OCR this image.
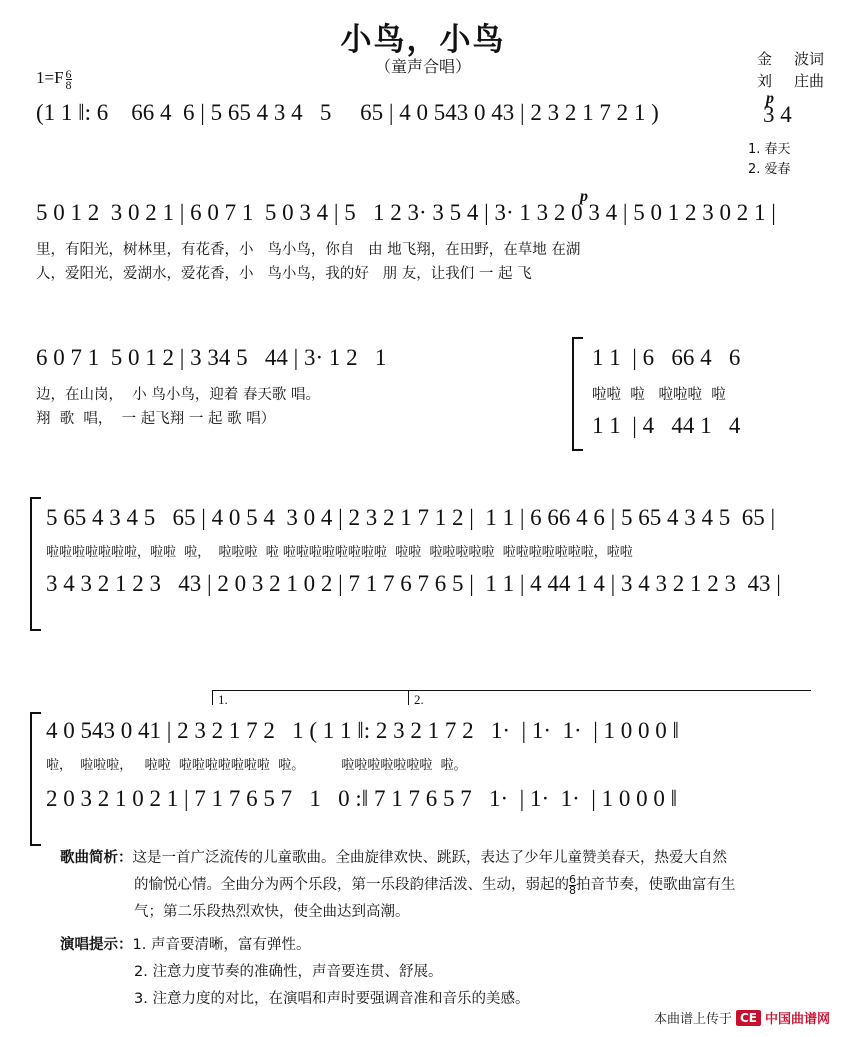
小鸟，小鸟
（童声合唱）	金 波词
刘 庄曲
$1=F \frac{6}{8}$
(1 1 ‖: 6    66 4  6 | 5 65 4 3 4   5     65 | 4 0 543 0 43 | 2 3 2 1 7 2 1 )
p
3 4
1. 春天
2. 爱春
p
5 0 1 2  3 0 2 1 | 6 0 7 1  5 0 3 4 | 5   1 2 3· 3 5 4 | 3· 1 3 2 0 3 4 | 5 0 1 2 3 0 2 1 |
里，有阳光，树林里，有花香，小   鸟小鸟，你自   由 地飞翔，在田野，在草地 在湖
人，爱阳光，爱湖水，爱花香，小   鸟小鸟，我的好   朋 友，让我们 一 起 飞
6 0 7 1  5 0 1 2 | 3 34 5   44 | 3· 1 2   1
边，在山岗，  小 鸟小鸟，迎着 春天歌 唱。
翔  歌  唱，  一 起飞翔 一 起 歌 唱）
1 1  | 6   66 4   6
啦啦  啦   啦啦啦  啦
1 1  | 4   44 1   4
5 65 4 3 4 5   65 | 4 0 5 4  3 0 4 | 2 3 2 1 7 1 2 |  1 1 | 6 66 4 6 | 5 65 4 3 4 5  65 |
啦啦啦啦啦啦啦，啦啦  啦，  啦啦啦  啦 啦啦啦啦啦啦啦啦  啦啦  啦啦啦啦啦  啦啦啦啦啦啦啦，啦啦
3 4 3 2 1 2 3   43 | 2 0 3 2 1 0 2 | 7 1 7 6 7 6 5 |  1 1 | 4 44 1 4 | 3 4 3 2 1 2 3  43 |
1.	2.
4 0 543 0 41 | 2 3 2 1 7 2   1 ( 1 1 ‖: 2 3 2 1 7 2   1·  | 1·  1·  | 1 0 0 0 ‖
啦，  啦啦啦，   啦啦  啦啦啦啦啦啦啦  啦。         啦啦啦啦啦啦啦  啦。
2 0 3 2 1 0 2 1 | 7 1 7 6 5 7   1   0 :‖ 7 1 7 6 5 7   1·  | 1·  1·  | 1 0 0 0 ‖

歌曲简析：这是一首广泛流传的儿童歌曲。全曲旋律欢快、跳跃，表达了少年儿童赞美春天，热爱大自然

的愉悦心情。全曲分为两个乐段，第一乐段韵律活泼、生动，弱起的 $\frac{6}{8}$ 拍音节奏，使歌曲富有生

气；第二乐段热烈欢快，使全曲达到高潮。

演唱提示：1. 声音要清晰，富有弹性。

2. 注意力度节奏的准确性，声音要连贯、舒展。

3. 注意力度的对比，在演唱和声时要强调音准和音乐的美感。

本曲谱上传于 CE 中国曲谱网
